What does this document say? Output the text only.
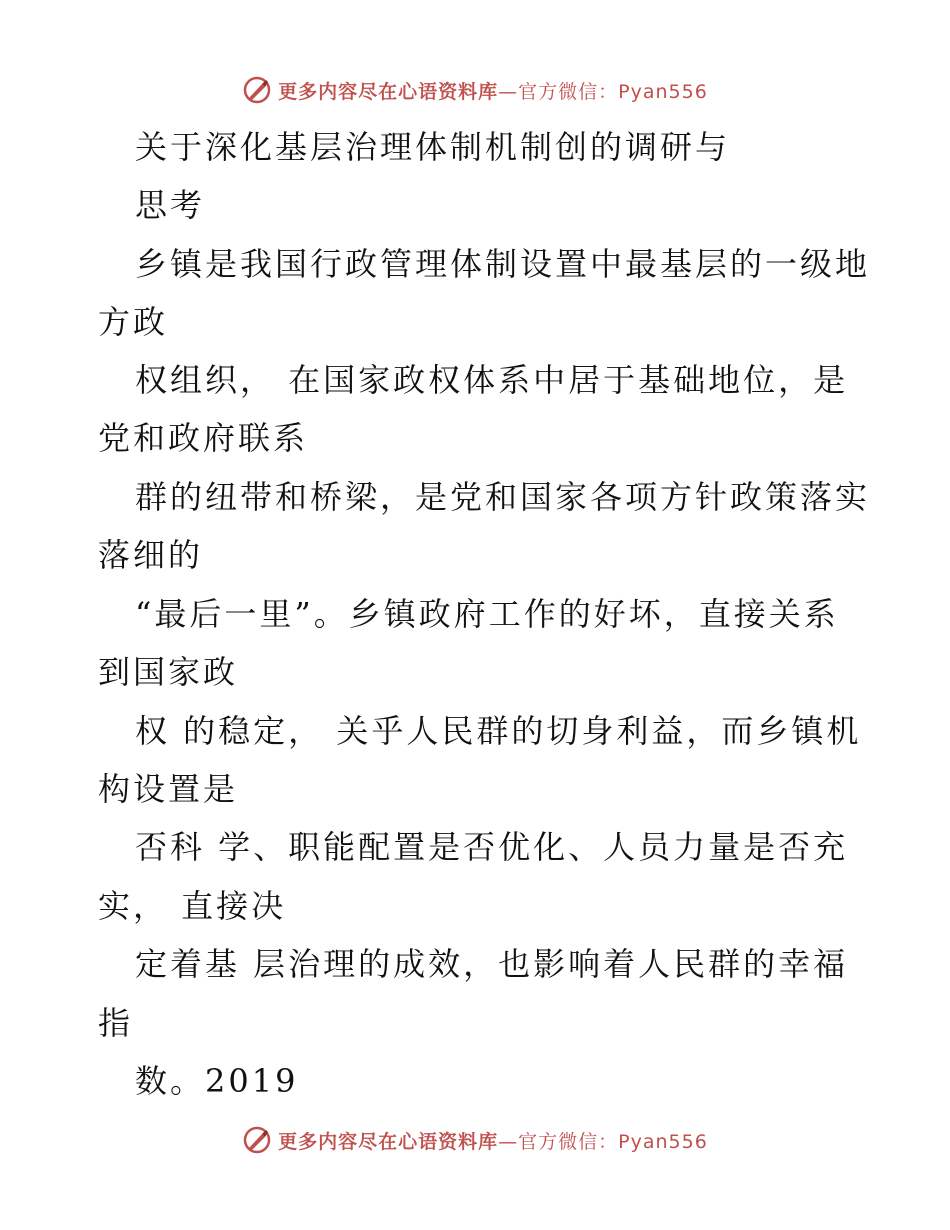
更多内容尽在心语资料库—官方微信：Pyan556
关于深化基层治理体制机制创的调研与
思考
乡镇是我国行政管理体制设置中最基层的一级地
方政
权组织， 在国家政权体系中居于基础地位，是
党和政府联系
群的纽带和桥梁，是党和国家各项方针政策落实
落细的
“最后一里”。乡镇政府工作的好坏，直接关系
到国家政
权 的稳定， 关乎人民群的切身利益，而乡镇机
构设置是
否科 学、职能配置是否优化、人员力量是否充
实， 直接决
定着基 层治理的成效，也影响着人民群的幸福
指
数。2019
更多内容尽在心语资料库—官方微信：Pyan556
